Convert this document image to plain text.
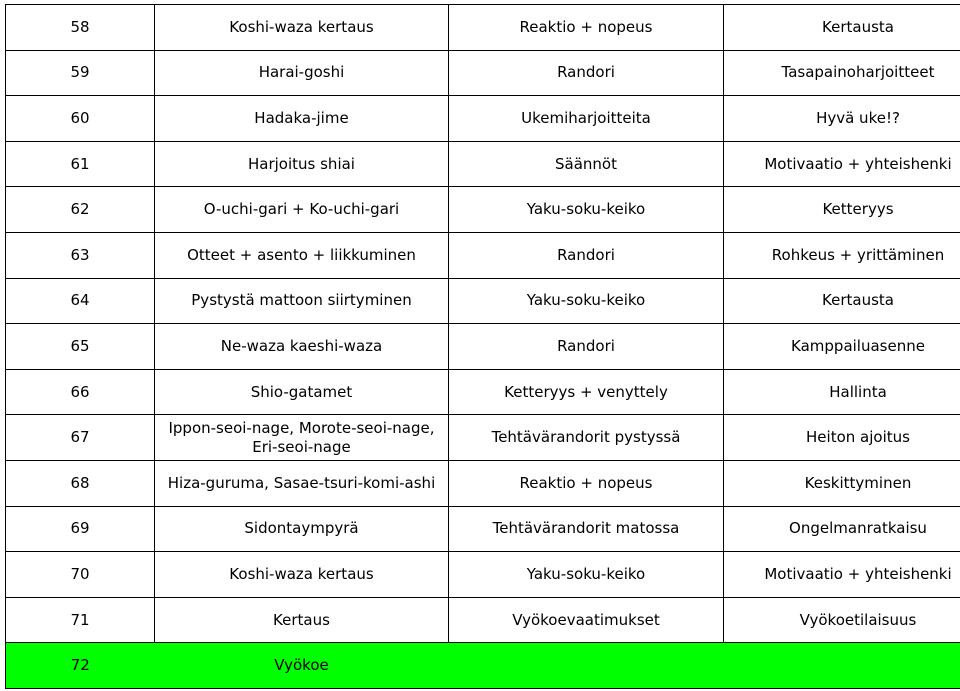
58	Koshi-waza kertaus	Reaktio + nopeus	Kertausta
59	Harai-goshi	Randori	Tasapainoharjoitteet
60	Hadaka-jime	Ukemiharjoitteita	Hyvä uke!?
61	Harjoitus shiai	Säännöt	Motivaatio + yhteishenki
62	O-uchi-gari + Ko-uchi-gari	Yaku-soku-keiko	Ketteryys
63	Otteet + asento + liikkuminen	Randori	Rohkeus + yrittäminen
64	Pystystä mattoon siirtyminen	Yaku-soku-keiko	Kertausta
65	Ne-waza kaeshi-waza	Randori	Kamppailuasenne
66	Shio-gatamet	Ketteryys + venyttely	Hallinta
67	Ippon-seoi-nage, Morote-seoi-nage,
Eri-seoi-nage	Tehtävärandorit pystyssä	Heiton ajoitus
68	Hiza-guruma, Sasae-tsuri-komi-ashi	Reaktio + nopeus	Keskittyminen
69	Sidontaympyrä	Tehtävärandorit matossa	Ongelmanratkaisu
70	Koshi-waza kertaus	Yaku-soku-keiko	Motivaatio + yhteishenki
71	Kertaus	Vyökoevaatimukset	Vyökoetilaisuus
72	Vyökoe		
